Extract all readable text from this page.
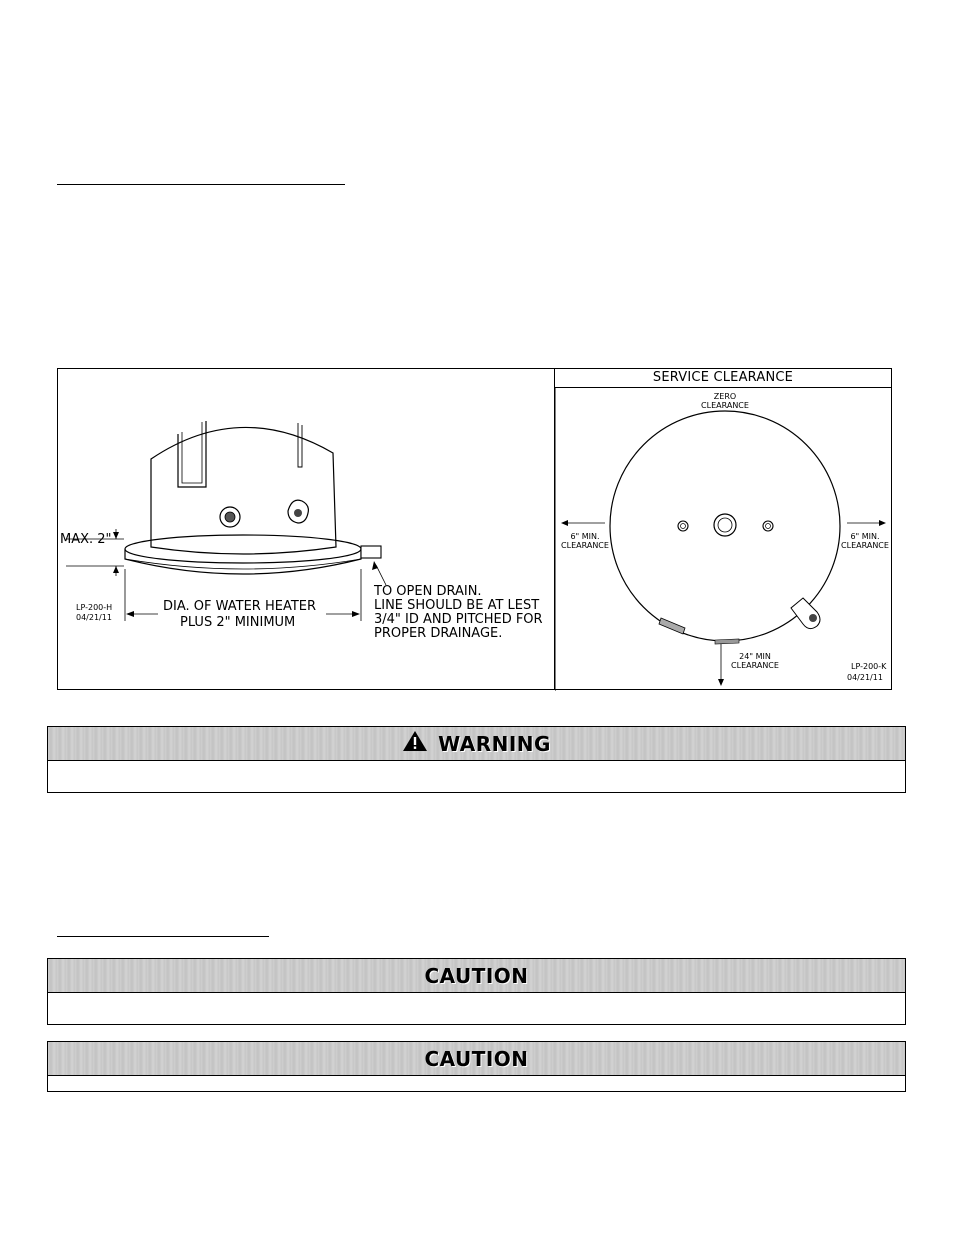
MAX. 2"
DIA. OF WATER HEATER
PLUS 2" MINIMUM
TO OPEN DRAIN.
LINE SHOULD BE AT LEST
3/4" ID AND PITCHED FOR
PROPER DRAINAGE.
LP-200-H
04/21/11
SERVICE CLEARANCE
ZERO
CLEARANCE
6" MIN.
CLEARANCE
6" MIN.
CLEARANCE
24" MIN
CLEARANCE	LP-200-K
04/21/11
WARNING
CAUTION
CAUTION
